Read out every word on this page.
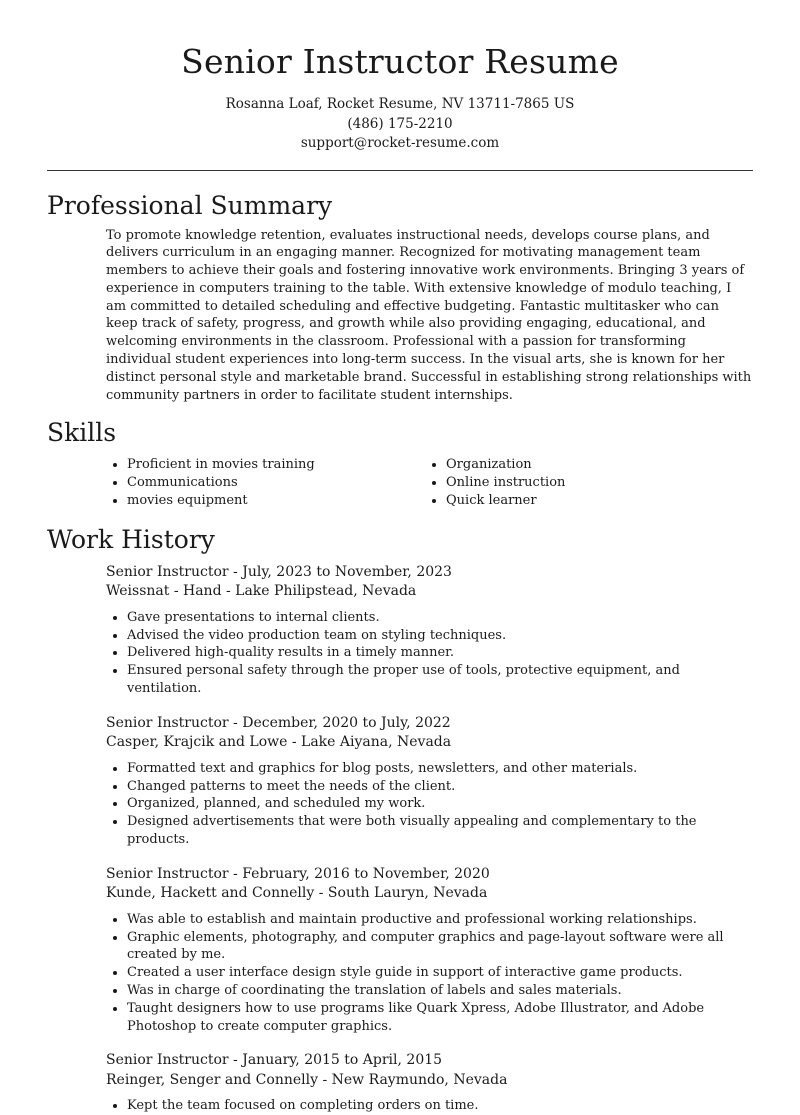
Senior Instructor Resume
Rosanna Loaf, Rocket Resume, NV 13711-7865 US
(486) 175-2210
support@rocket-resume.com
Professional Summary

To promote knowledge retention, evaluates instructional needs, develops course plans, and delivers curriculum in an engaging manner. Recognized for motivating management team members to achieve their goals and fostering innovative work environments. Bringing 3 years of experience in computers training to the table. With extensive knowledge of modulo teaching, I am committed to detailed scheduling and effective budgeting. Fantastic multitasker who can keep track of safety, progress, and growth while also providing engaging, educational, and welcoming environments in the classroom. Professional with a passion for transforming individual student experiences into long-term success. In the visual arts, she is known for her distinct personal style and marketable brand. Successful in establishing strong relationships with community partners in order to facilitate student internships.

Skills
• Proficient in movies training
• Communications
• movies equipment
• Organization
• Online instruction
• Quick learner
Work History
Senior Instructor - July, 2023 to November, 2023
Weissnat - Hand - Lake Philipstead, Nevada
• Gave presentations to internal clients.
• Advised the video production team on styling techniques.
• Delivered high-quality results in a timely manner.
• Ensured personal safety through the proper use of tools, protective equipment, and ventilation.
Senior Instructor - December, 2020 to July, 2022
Casper, Krajcik and Lowe - Lake Aiyana, Nevada
• Formatted text and graphics for blog posts, newsletters, and other materials.
• Changed patterns to meet the needs of the client.
• Organized, planned, and scheduled my work.
• Designed advertisements that were both visually appealing and complementary to the products.
Senior Instructor - February, 2016 to November, 2020
Kunde, Hackett and Connelly - South Lauryn, Nevada
• Was able to establish and maintain productive and professional working relationships.
• Graphic elements, photography, and computer graphics and page-layout software were all created by me.
• Created a user interface design style guide in support of interactive game products.
• Was in charge of coordinating the translation of labels and sales materials.
• Taught designers how to use programs like Quark Xpress, Adobe Illustrator, and Adobe Photoshop to create computer graphics.
Senior Instructor - January, 2015 to April, 2015
Reinger, Senger and Connelly - New Raymundo, Nevada
• Kept the team focused on completing orders on time.
